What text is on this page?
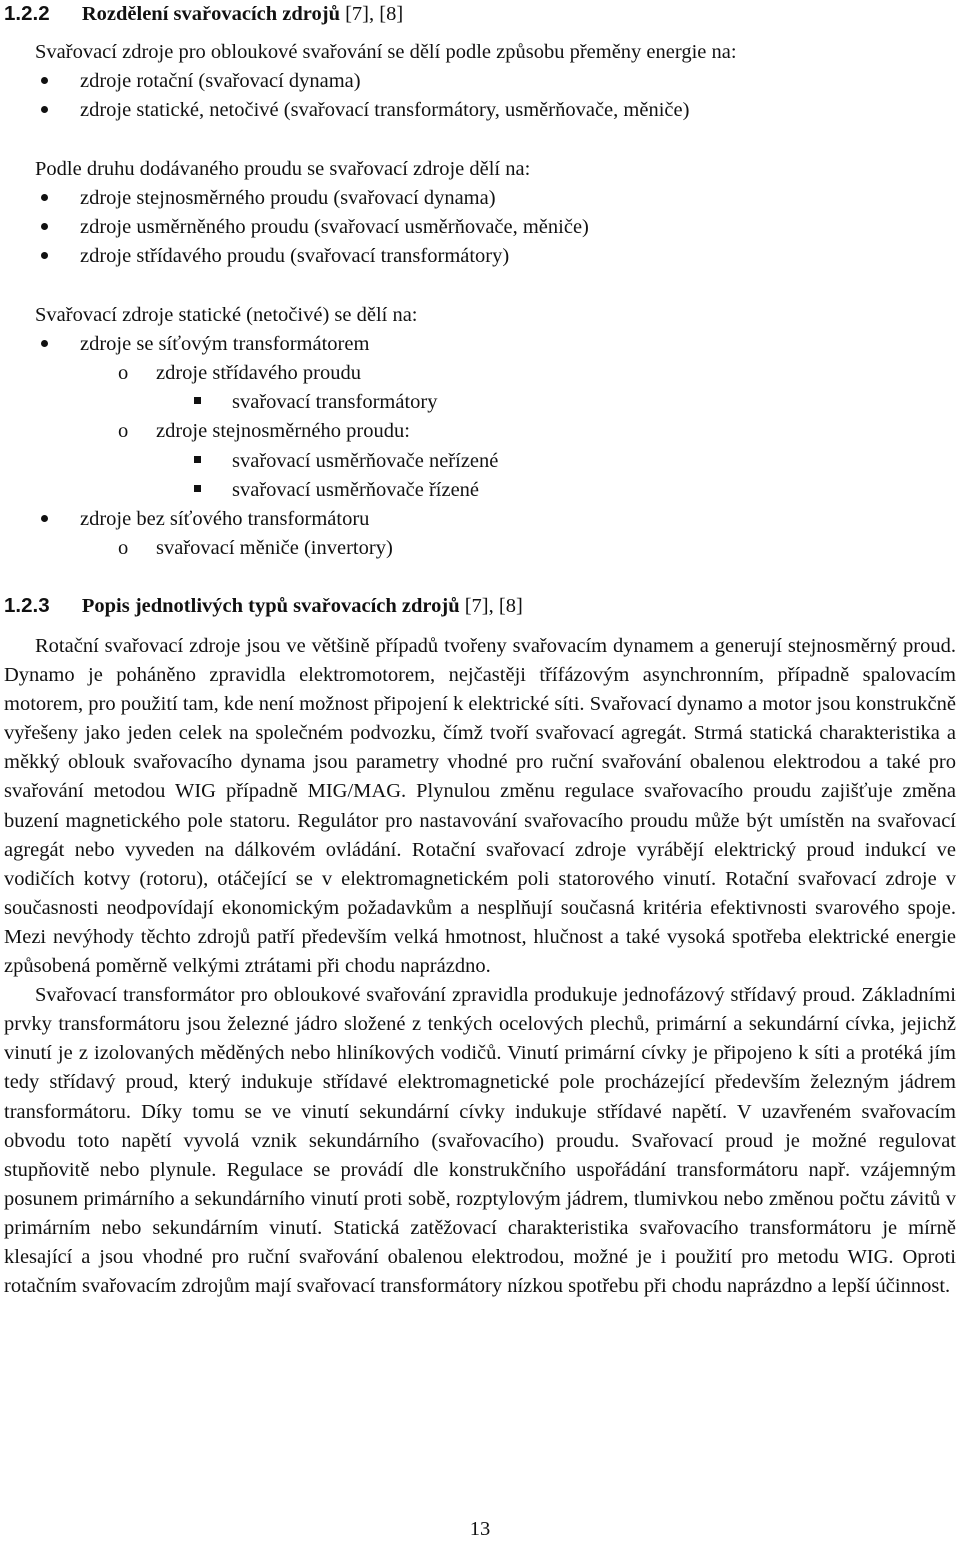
1.2.2 Rozdělení svařovacích zdrojů [7], [8]
Svařovací zdroje pro obloukové svařování se dělí podle způsobu přeměny energie na:
zdroje rotační (svařovací dynama)
zdroje statické, netočivé (svařovací transformátory, usměrňovače, měniče)
Podle druhu dodávaného proudu se svařovací zdroje dělí na:
zdroje stejnosměrného proudu (svařovací dynama)
zdroje usměrněného proudu (svařovací usměrňovače, měniče)
zdroje střídavého proudu (svařovací transformátory)
Svařovací zdroje statické (netočivé) se dělí na:
zdroje se síťovým transformátorem
o zdroje střídavého proudu
svařovací transformátory
o zdroje stejnosměrného proudu:
svařovací usměrňovače neřízené
svařovací usměrňovače řízené
zdroje bez síťového transformátoru
o svařovací měniče (invertory)
1.2.3 Popis jednotlivých typů svařovacích zdrojů [7], [8]

Rotační svařovací zdroje jsou ve většině případů tvořeny svařovacím dynamem a generují stejnosměrný proud. Dynamo je poháněno zpravidla elektromotorem, nejčastěji třífázovým asynchronním, případně spalovacím motorem, pro použití tam, kde není možnost připojení k elektrické síti. Svařovací dynamo a motor jsou konstrukčně vyřešeny jako jeden celek na společném podvozku, čímž tvoří svařovací agregát. Strmá statická charakteristika a měkký oblouk svařovacího dynama jsou parametry vhodné pro ruční svařování obalenou elektrodou a také pro svařování metodou WIG případně MIG/MAG. Plynulou změnu regulace svařovacího proudu zajišťuje změna buzení magnetického pole statoru. Regulátor pro nastavování svařovacího proudu může být umístěn na svařovací agregát nebo vyveden na dálkovém ovládání. Rotační svařovací zdroje vyrábějí elektrický proud indukcí ve vodičích kotvy (rotoru), otáčející se v elektromagnetickém poli statorového vinutí. Rotační svařovací zdroje v současnosti neodpovídají ekonomickým požadavkům a nesplňují současná kritéria efektivnosti svarového spoje. Mezi nevýhody těchto zdrojů patří především velká hmotnost, hlučnost a také vysoká spotřeba elektrické energie způsobená poměrně velkými ztrátami při chodu naprázdno.

Svařovací transformátor pro obloukové svařování zpravidla produkuje jednofázový střídavý proud. Základními prvky transformátoru jsou železné jádro složené z tenkých ocelových plechů, primární a sekundární cívka, jejichž vinutí je z izolovaných měděných nebo hliníkových vodičů. Vinutí primární cívky je připojeno k síti a protéká jím tedy střídavý proud, který indukuje střídavé elektromagnetické pole procházející především železným jádrem transformátoru. Díky tomu se ve vinutí sekundární cívky indukuje střídavé napětí. V uzavřeném svařovacím obvodu toto napětí vyvolá vznik sekundárního (svařovacího) proudu. Svařovací proud je možné regulovat stupňovitě nebo plynule. Regulace se provádí dle konstrukčního uspořádání transformátoru např. vzájemným posunem primárního a sekundárního vinutí proti sobě, rozptylovým jádrem, tlumivkou nebo změnou počtu závitů v primárním nebo sekundárním vinutí. Statická zatěžovací charakteristika svařovacího transformátoru je mírně klesající a jsou vhodné pro ruční svařování obalenou elektrodou, možné je i použití pro metodu WIG. Oproti rotačním svařovacím zdrojům mají svařovací transformátory nízkou spotřebu při chodu naprázdno a lepší účinnost.

13
